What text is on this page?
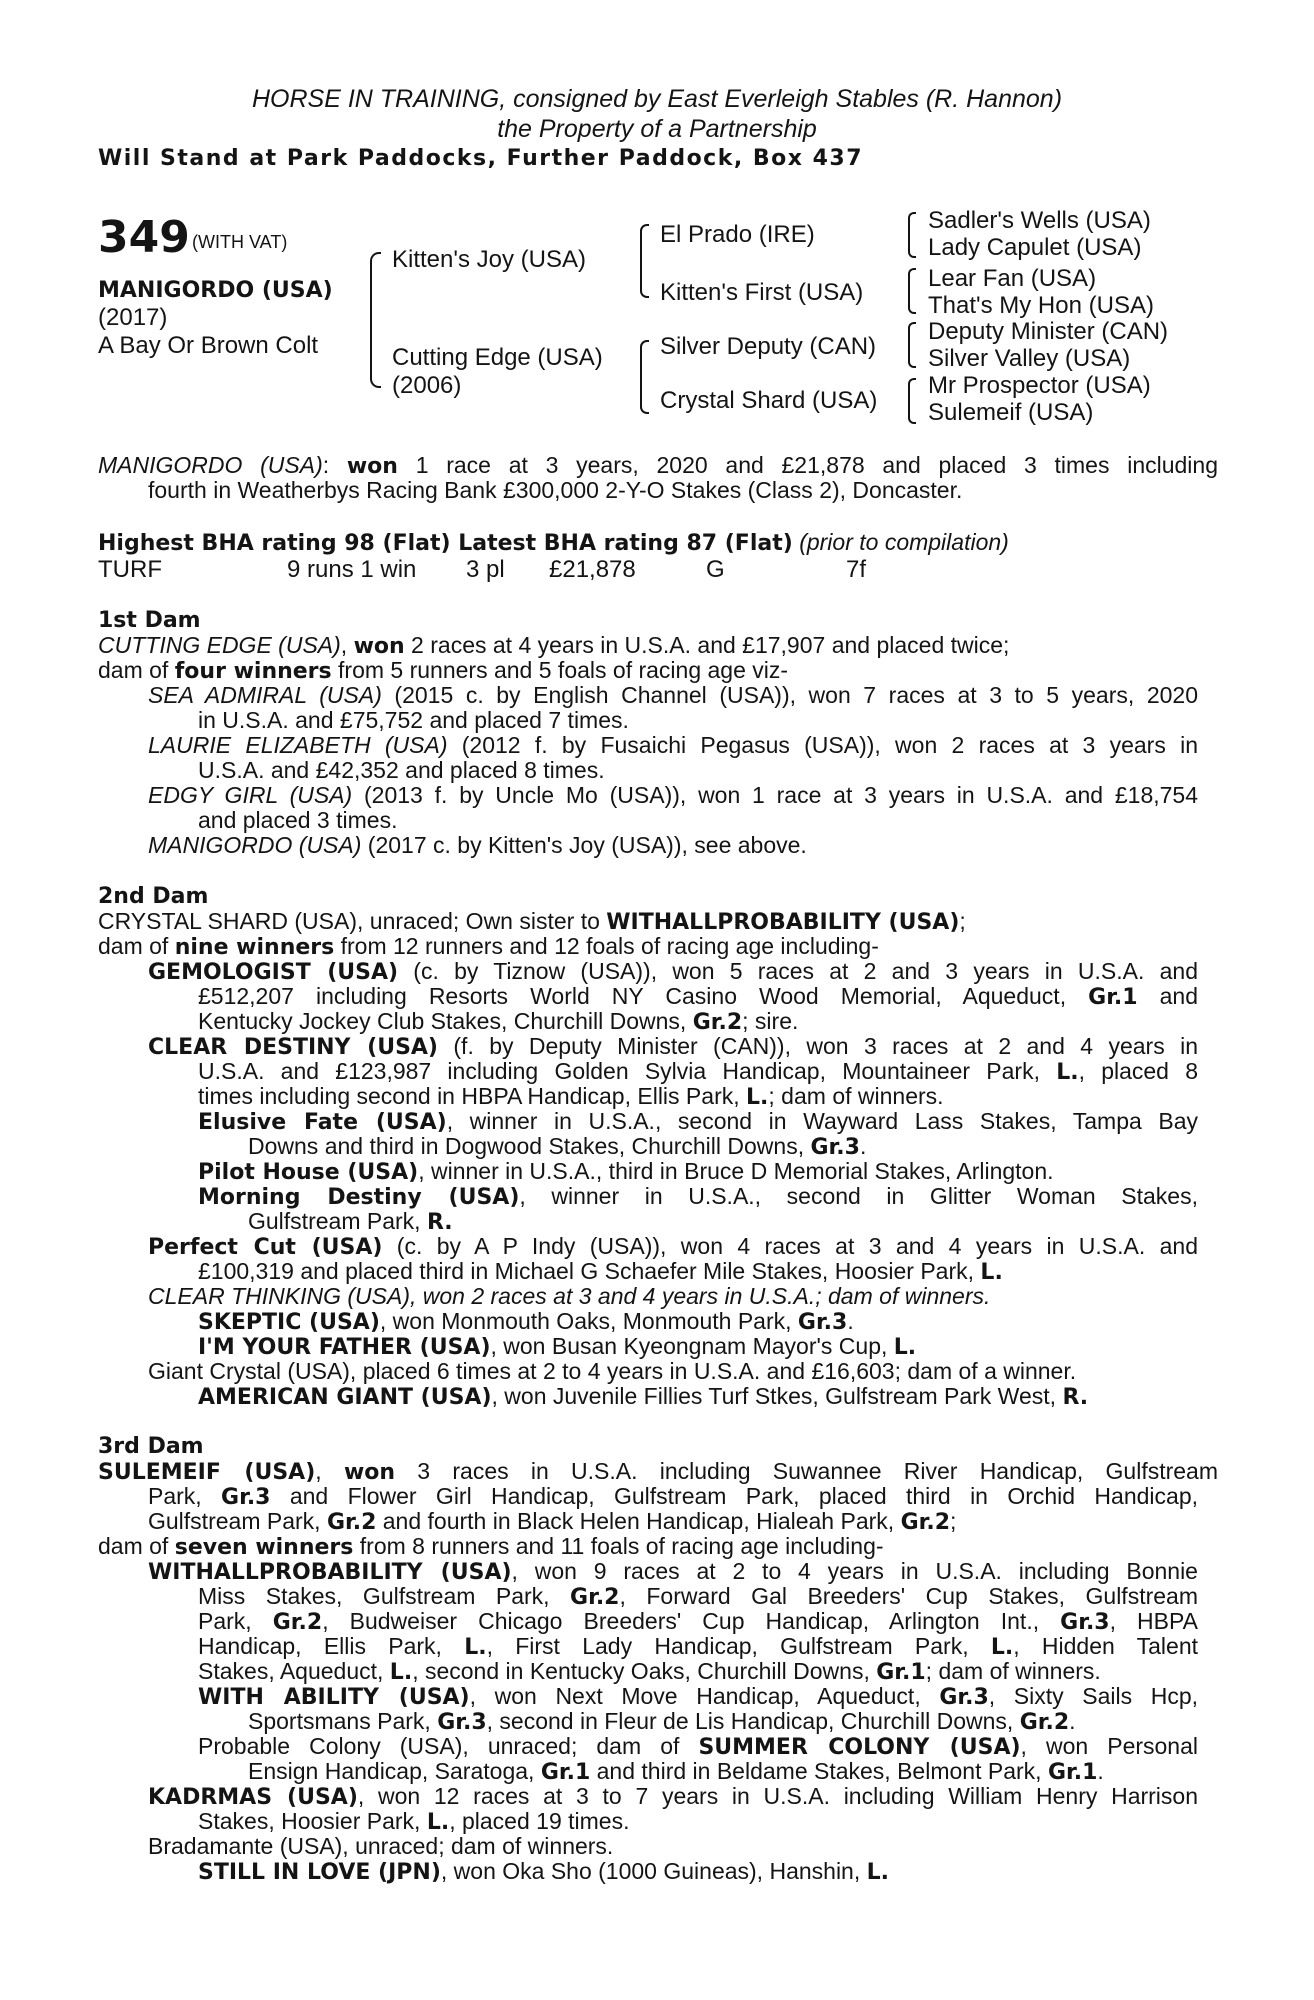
HORSE IN TRAINING, consigned by East Everleigh Stables (R. Hannon)
the Property of a Partnership
Will Stand at Park Paddocks, Further Paddock, Box 437
349 (WITH VAT)
MANIGORDO (USA)
(2017)
A Bay Or Brown Colt
Kitten's Joy (USA)
Cutting Edge (USA)
(2006)
El Prado (IRE)
Kitten's First (USA)
Silver Deputy (CAN)
Crystal Shard (USA)
Sadler's Wells (USA)
Lady Capulet (USA)
Lear Fan (USA)
That's My Hon (USA)
Deputy Minister (CAN)
Silver Valley (USA)
Mr Prospector (USA)
Sulemeif (USA)
MANIGORDO (USA): won 1 race at 3 years, 2020 and £21,878 and placed 3 times including
fourth in Weatherbys Racing Bank £300,000 2-Y-O Stakes (Class 2), Doncaster.
Highest BHA rating 98 (Flat) Latest BHA rating 87 (Flat) (prior to compilation)
TURF	9 runs 1 win 3 pl £21,878	G	7f
1st Dam
CUTTING EDGE (USA), won 2 races at 4 years in U.S.A. and £17,907 and placed twice;
dam of four winners from 5 runners and 5 foals of racing age viz-
SEA ADMIRAL (USA) (2015 c. by English Channel (USA)), won 7 races at 3 to 5 years, 2020
in U.S.A. and £75,752 and placed 7 times.
LAURIE ELIZABETH (USA) (2012 f. by Fusaichi Pegasus (USA)), won 2 races at 3 years in
U.S.A. and £42,352 and placed 8 times.
EDGY GIRL (USA) (2013 f. by Uncle Mo (USA)), won 1 race at 3 years in U.S.A. and £18,754
and placed 3 times.
MANIGORDO (USA) (2017 c. by Kitten's Joy (USA)), see above.
2nd Dam
CRYSTAL SHARD (USA), unraced; Own sister to WITHALLPROBABILITY (USA);
dam of nine winners from 12 runners and 12 foals of racing age including-
GEMOLOGIST (USA) (c. by Tiznow (USA)), won 5 races at 2 and 3 years in U.S.A. and
£512,207 including Resorts World NY Casino Wood Memorial, Aqueduct, Gr.1 and
Kentucky Jockey Club Stakes, Churchill Downs, Gr.2; sire.
CLEAR DESTINY (USA) (f. by Deputy Minister (CAN)), won 3 races at 2 and 4 years in
U.S.A. and £123,987 including Golden Sylvia Handicap, Mountaineer Park, L., placed 8
times including second in HBPA Handicap, Ellis Park, L.; dam of winners.
Elusive Fate (USA), winner in U.S.A., second in Wayward Lass Stakes, Tampa Bay
Downs and third in Dogwood Stakes, Churchill Downs, Gr.3.
Pilot House (USA), winner in U.S.A., third in Bruce D Memorial Stakes, Arlington.
Morning Destiny (USA), winner in U.S.A., second in Glitter Woman Stakes,
Gulfstream Park, R.
Perfect Cut (USA) (c. by A P Indy (USA)), won 4 races at 3 and 4 years in U.S.A. and
£100,319 and placed third in Michael G Schaefer Mile Stakes, Hoosier Park, L.
CLEAR THINKING (USA), won 2 races at 3 and 4 years in U.S.A.; dam of winners.
SKEPTIC (USA), won Monmouth Oaks, Monmouth Park, Gr.3.
I'M YOUR FATHER (USA), won Busan Kyeongnam Mayor's Cup, L.
Giant Crystal (USA), placed 6 times at 2 to 4 years in U.S.A. and £16,603; dam of a winner.
AMERICAN GIANT (USA), won Juvenile Fillies Turf Stkes, Gulfstream Park West, R.
3rd Dam
SULEMEIF (USA), won 3 races in U.S.A. including Suwannee River Handicap, Gulfstream
Park, Gr.3 and Flower Girl Handicap, Gulfstream Park, placed third in Orchid Handicap,
Gulfstream Park, Gr.2 and fourth in Black Helen Handicap, Hialeah Park, Gr.2;
dam of seven winners from 8 runners and 11 foals of racing age including-
WITHALLPROBABILITY (USA), won 9 races at 2 to 4 years in U.S.A. including Bonnie
Miss Stakes, Gulfstream Park, Gr.2, Forward Gal Breeders' Cup Stakes, Gulfstream
Park, Gr.2, Budweiser Chicago Breeders' Cup Handicap, Arlington Int., Gr.3, HBPA
Handicap, Ellis Park, L., First Lady Handicap, Gulfstream Park, L., Hidden Talent
Stakes, Aqueduct, L., second in Kentucky Oaks, Churchill Downs, Gr.1; dam of winners.
WITH ABILITY (USA), won Next Move Handicap, Aqueduct, Gr.3, Sixty Sails Hcp,
Sportsmans Park, Gr.3, second in Fleur de Lis Handicap, Churchill Downs, Gr.2.
Probable Colony (USA), unraced; dam of SUMMER COLONY (USA), won Personal
Ensign Handicap, Saratoga, Gr.1 and third in Beldame Stakes, Belmont Park, Gr.1.
KADRMAS (USA), won 12 races at 3 to 7 years in U.S.A. including William Henry Harrison
Stakes, Hoosier Park, L., placed 19 times.
Bradamante (USA), unraced; dam of winners.
STILL IN LOVE (JPN), won Oka Sho (1000 Guineas), Hanshin, L.
